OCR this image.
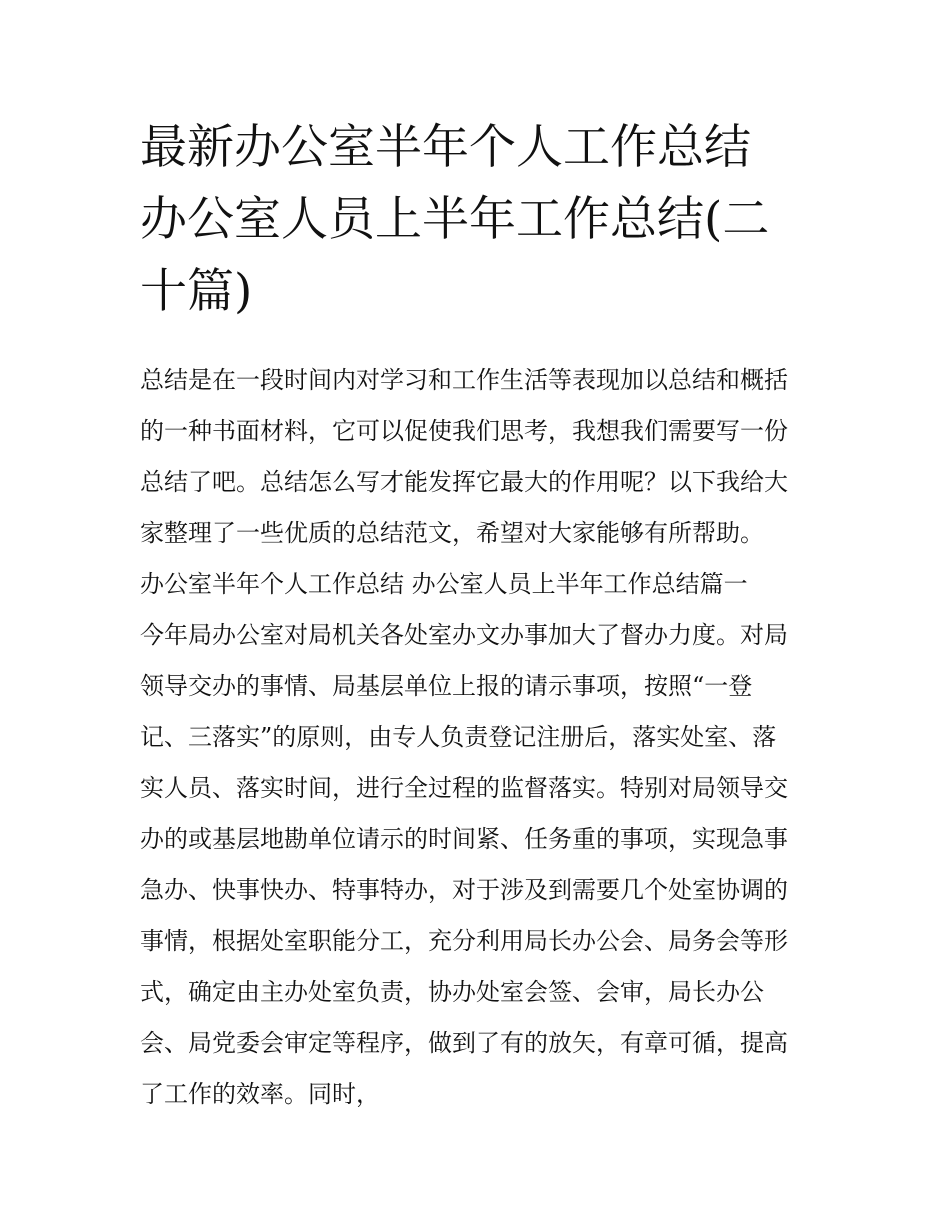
最新办公室半年个人工作总结
办公室人员上半年工作总结(二
十篇)
总结是在一段时间内对学习和工作生活等表现加以总结和概括
的一种书面材料，它可以促使我们思考，我想我们需要写一份
总结了吧。总结怎么写才能发挥它最大的作用呢？以下我给大
家整理了一些优质的总结范文，希望对大家能够有所帮助。
办公室半年个人工作总结 办公室人员上半年工作总结篇一
今年局办公室对局机关各处室办文办事加大了督办力度。对局
领导交办的事情、局基层单位上报的请示事项，按照“一登
记、三落实”的原则，由专人负责登记注册后，落实处室、落
实人员、落实时间，进行全过程的监督落实。特别对局领导交
办的或基层地勘单位请示的时间紧、任务重的事项，实现急事
急办、快事快办、特事特办，对于涉及到需要几个处室协调的
事情，根据处室职能分工，充分利用局长办公会、局务会等形
式，确定由主办处室负责，协办处室会签、会审，局长办公
会、局党委会审定等程序，做到了有的放矢，有章可循，提高
了工作的效率。同时，
